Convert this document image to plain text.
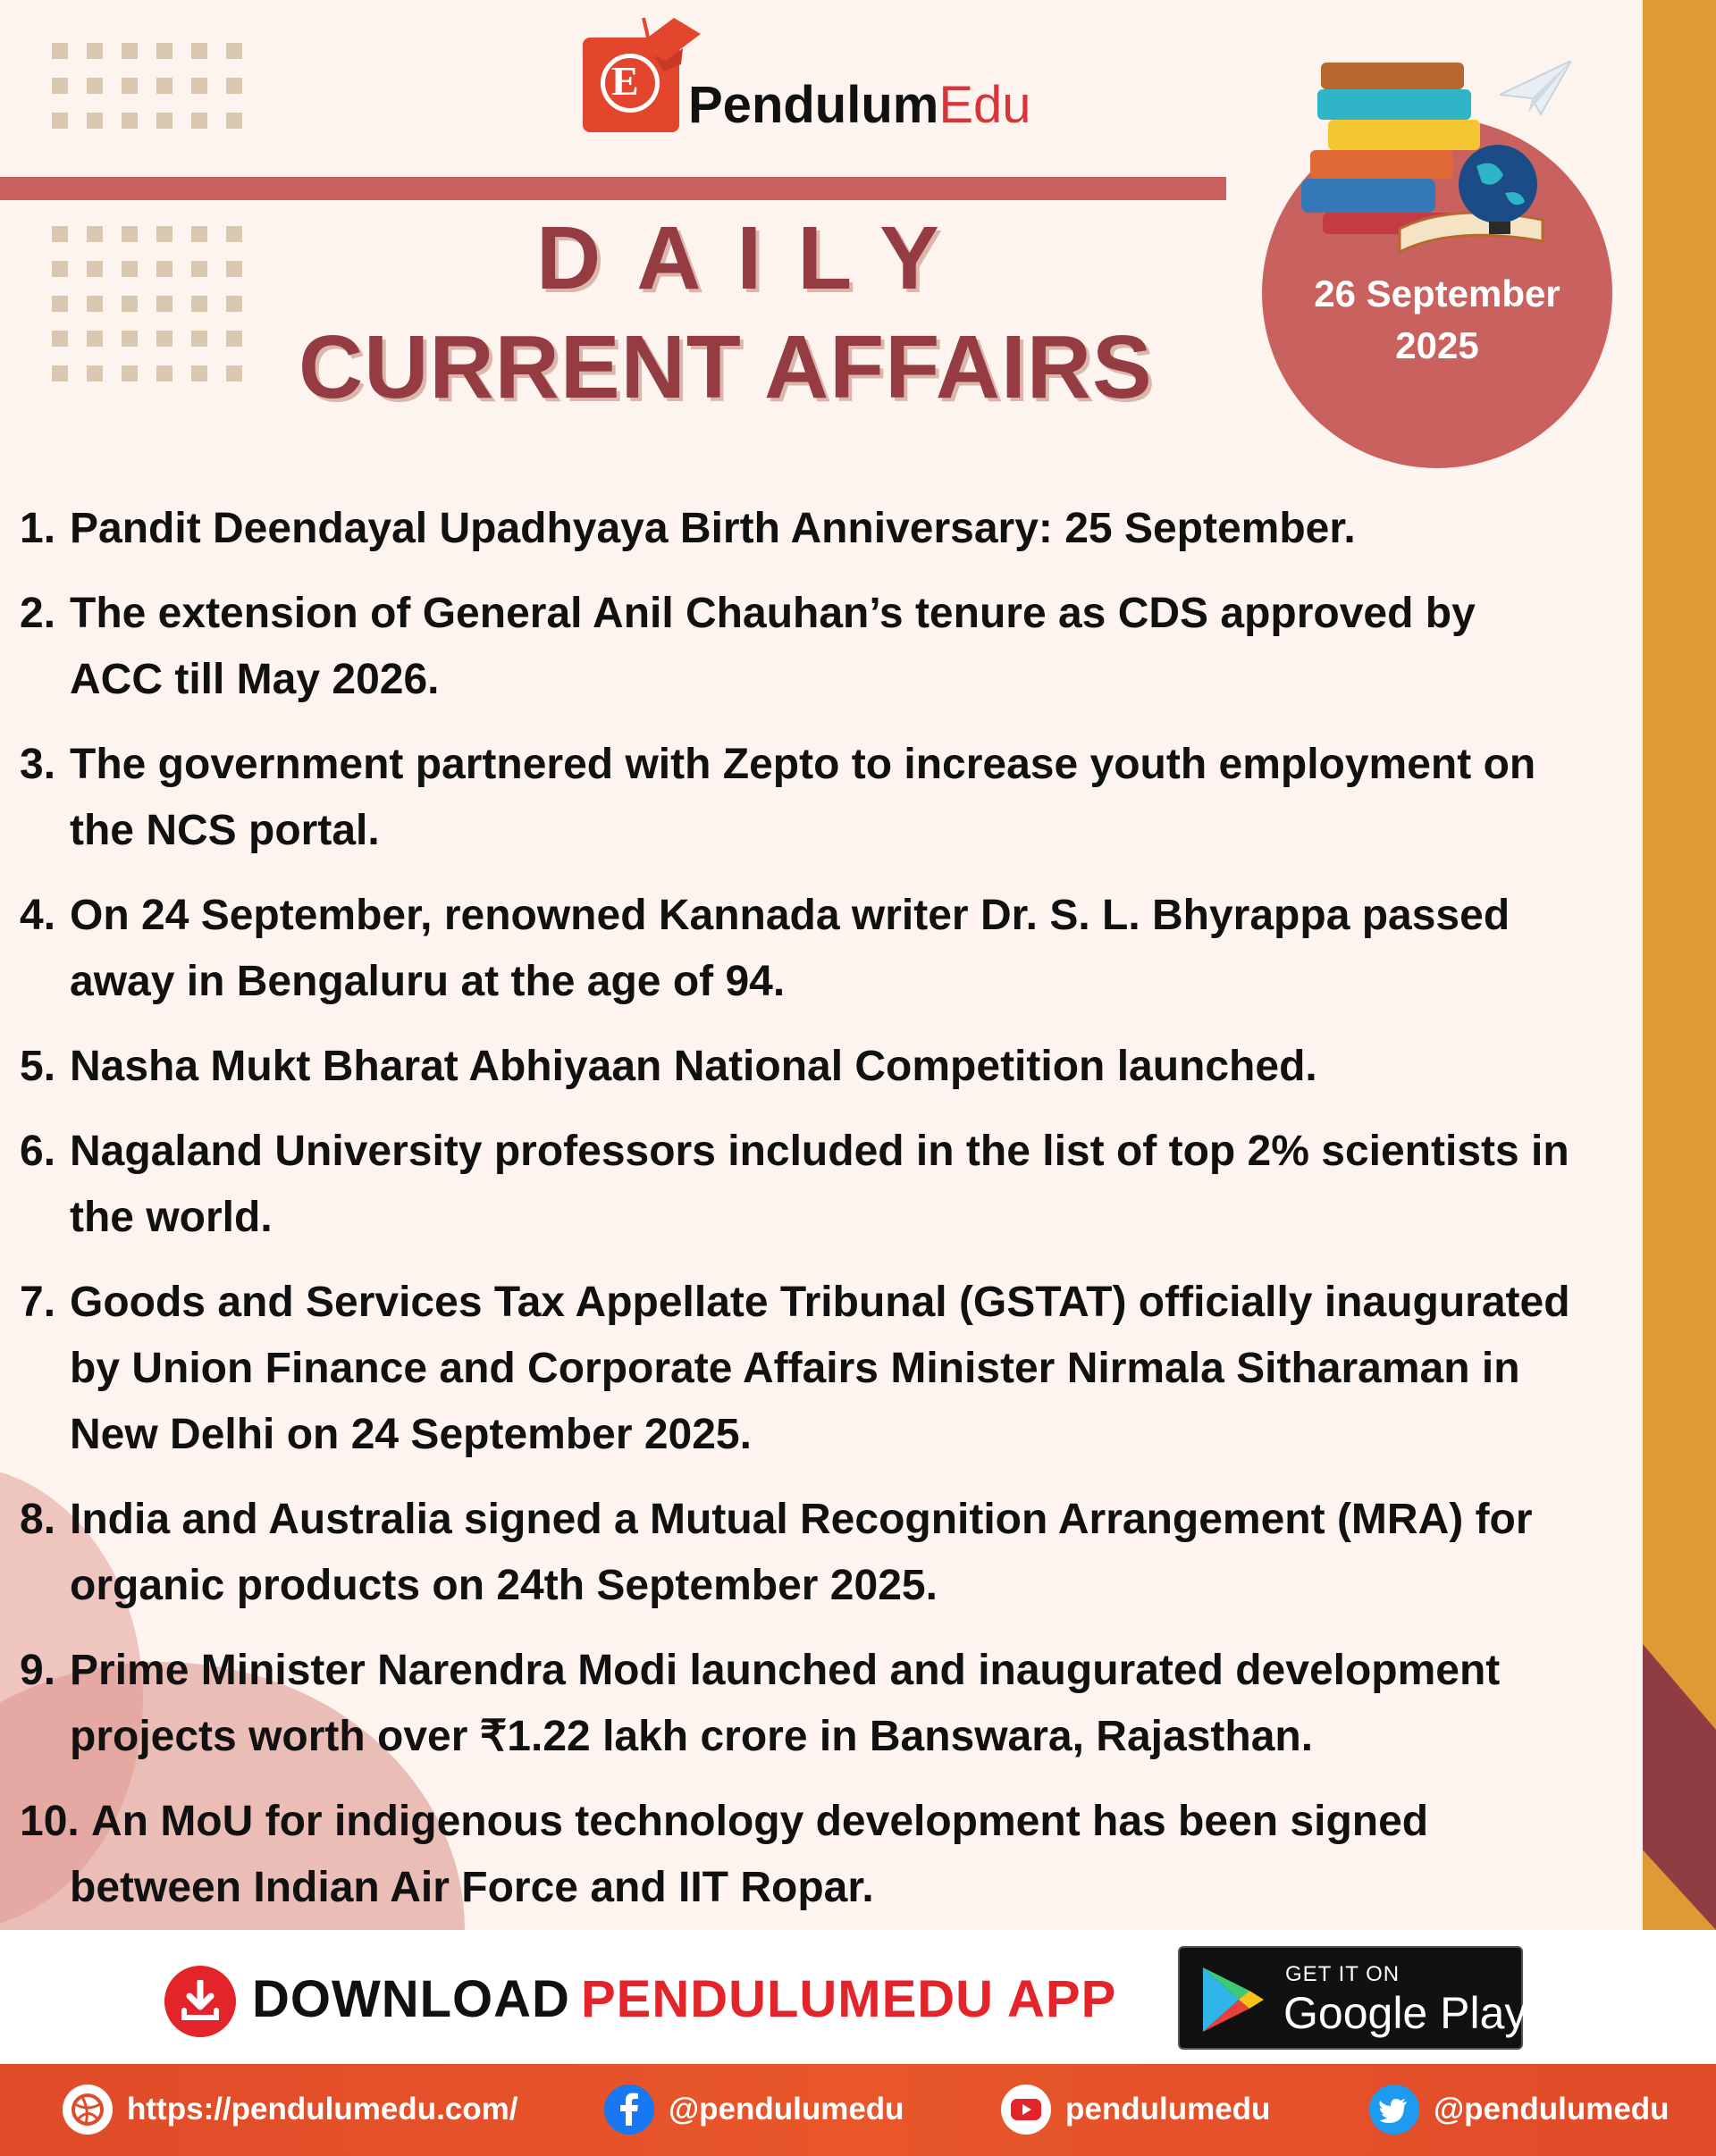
E PendulumEdu
DAILY
CURRENT AFFAIRS
26 September
2025
1. Pandit Deendayal Upadhyaya Birth Anniversary: 25 September.
2. The extension of General Anil Chauhan’s tenure as CDS approved by ACC till May 2026.
3. The government partnered with Zepto to increase youth employment on the NCS portal.
4. On 24 September, renowned Kannada writer Dr. S. L. Bhyrappa passed away in Bengaluru at the age of 94.
5. Nasha Mukt Bharat Abhiyaan National Competition launched.
6. Nagaland University professors included in the list of top 2% scientists in the world.
7. Goods and Services Tax Appellate Tribunal (GSTAT) officially inaugurated by Union Finance and Corporate Affairs Minister Nirmala Sitharaman in New Delhi on 24 September 2025.
8. India and Australia signed a Mutual Recognition Arrangement (MRA) for organic products on 24th September 2025.
9. Prime Minister Narendra Modi launched and inaugurated development projects worth over ₹1.22 lakh crore in Banswara, Rajasthan.
10. An MoU for indigenous technology development has been signed between Indian Air Force and IIT Ropar.
DOWNLOAD PENDULUMEDU APP	GET IT ON
Google Play
https://pendulumedu.com/	@pendulumedu	pendulumedu	@pendulumedu
